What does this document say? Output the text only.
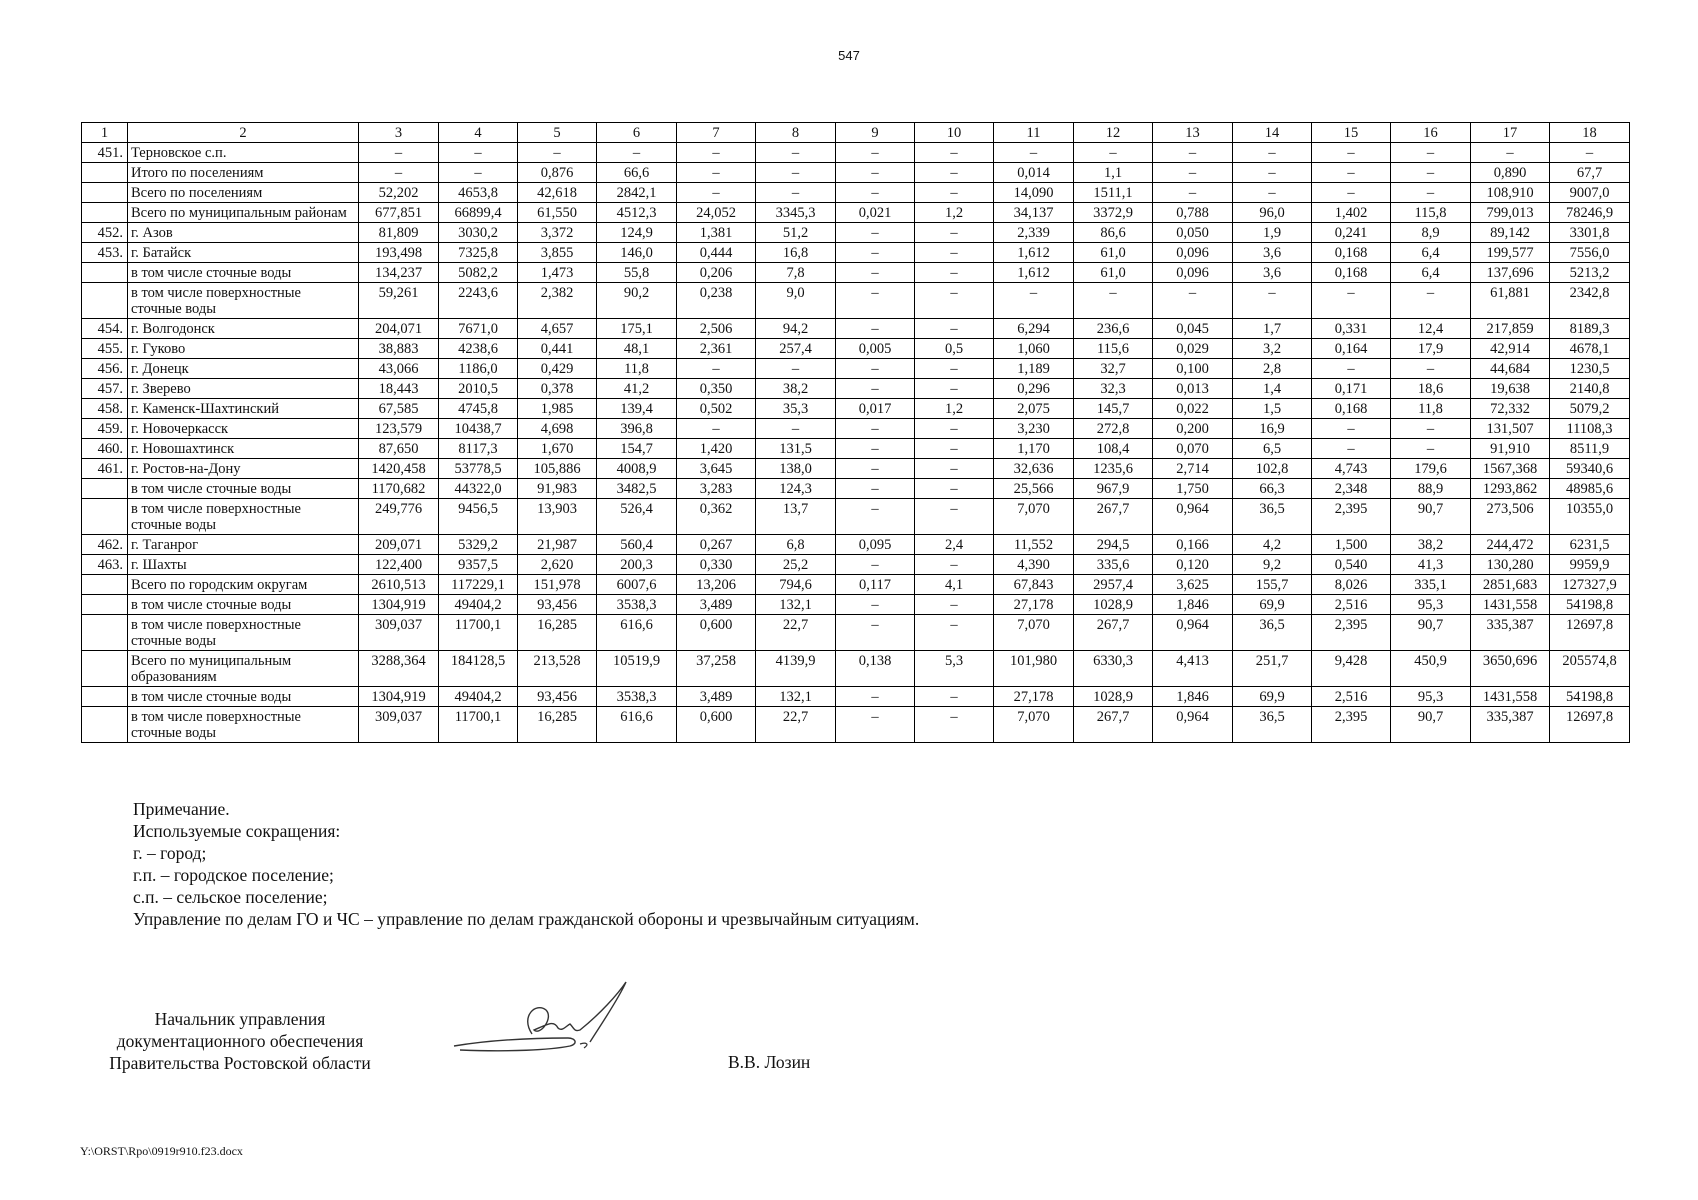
547
1	2	3	4	5	6	7	8	9	10	11	12	13	14	15	16	17	18
451.	Терновское с.п.	–	–	–	–	–	–	–	–	–	–	–	–	–	–	–	–
	Итого по поселениям	–	–	0,876	66,6	–	–	–	–	0,014	1,1	–	–	–	–	0,890	67,7
	Всего по поселениям	52,202	4653,8	42,618	2842,1	–	–	–	–	14,090	1511,1	–	–	–	–	108,910	9007,0
	Всего по муниципальным районам	677,851	66899,4	61,550	4512,3	24,052	3345,3	0,021	1,2	34,137	3372,9	0,788	96,0	1,402	115,8	799,013	78246,9
452.	г. Азов	81,809	3030,2	3,372	124,9	1,381	51,2	–	–	2,339	86,6	0,050	1,9	0,241	8,9	89,142	3301,8
453.	г. Батайск	193,498	7325,8	3,855	146,0	0,444	16,8	–	–	1,612	61,0	0,096	3,6	0,168	6,4	199,577	7556,0
	в том числе сточные воды	134,237	5082,2	1,473	55,8	0,206	7,8	–	–	1,612	61,0	0,096	3,6	0,168	6,4	137,696	5213,2
	в том числе поверхностные сточные воды	59,261	2243,6	2,382	90,2	0,238	9,0	–	–	–	–	–	–	–	–	61,881	2342,8
454.	г. Волгодонск	204,071	7671,0	4,657	175,1	2,506	94,2	–	–	6,294	236,6	0,045	1,7	0,331	12,4	217,859	8189,3
455.	г. Гуково	38,883	4238,6	0,441	48,1	2,361	257,4	0,005	0,5	1,060	115,6	0,029	3,2	0,164	17,9	42,914	4678,1
456.	г. Донецк	43,066	1186,0	0,429	11,8	–	–	–	–	1,189	32,7	0,100	2,8	–	–	44,684	1230,5
457.	г. Зверево	18,443	2010,5	0,378	41,2	0,350	38,2	–	–	0,296	32,3	0,013	1,4	0,171	18,6	19,638	2140,8
458.	г. Каменск-Шахтинский	67,585	4745,8	1,985	139,4	0,502	35,3	0,017	1,2	2,075	145,7	0,022	1,5	0,168	11,8	72,332	5079,2
459.	г. Новочеркасск	123,579	10438,7	4,698	396,8	–	–	–	–	3,230	272,8	0,200	16,9	–	–	131,507	11108,3
460.	г. Новошахтинск	87,650	8117,3	1,670	154,7	1,420	131,5	–	–	1,170	108,4	0,070	6,5	–	–	91,910	8511,9
461.	г. Ростов-на-Дону	1420,458	53778,5	105,886	4008,9	3,645	138,0	–	–	32,636	1235,6	2,714	102,8	4,743	179,6	1567,368	59340,6
	в том числе сточные воды	1170,682	44322,0	91,983	3482,5	3,283	124,3	–	–	25,566	967,9	1,750	66,3	2,348	88,9	1293,862	48985,6
	в том числе поверхностные сточные воды	249,776	9456,5	13,903	526,4	0,362	13,7	–	–	7,070	267,7	0,964	36,5	2,395	90,7	273,506	10355,0
462.	г. Таганрог	209,071	5329,2	21,987	560,4	0,267	6,8	0,095	2,4	11,552	294,5	0,166	4,2	1,500	38,2	244,472	6231,5
463.	г. Шахты	122,400	9357,5	2,620	200,3	0,330	25,2	–	–	4,390	335,6	0,120	9,2	0,540	41,3	130,280	9959,9
	Всего по городским округам	2610,513	117229,1	151,978	6007,6	13,206	794,6	0,117	4,1	67,843	2957,4	3,625	155,7	8,026	335,1	2851,683	127327,9
	в том числе сточные воды	1304,919	49404,2	93,456	3538,3	3,489	132,1	–	–	27,178	1028,9	1,846	69,9	2,516	95,3	1431,558	54198,8
	в том числе поверхностные сточные воды	309,037	11700,1	16,285	616,6	0,600	22,7	–	–	7,070	267,7	0,964	36,5	2,395	90,7	335,387	12697,8
	Всего по муниципальным образованиям	3288,364	184128,5	213,528	10519,9	37,258	4139,9	0,138	5,3	101,980	6330,3	4,413	251,7	9,428	450,9	3650,696	205574,8
	в том числе сточные воды	1304,919	49404,2	93,456	3538,3	3,489	132,1	–	–	27,178	1028,9	1,846	69,9	2,516	95,3	1431,558	54198,8
	в том числе поверхностные сточные воды	309,037	11700,1	16,285	616,6	0,600	22,7	–	–	7,070	267,7	0,964	36,5	2,395	90,7	335,387	12697,8
Примечание.
Используемые сокращения:
г. – город;
г.п. – городское поселение;
с.п. – сельское поселение;
Управление по делам ГО и ЧС – управление по делам гражданской обороны и чрезвычайным ситуациям.
Начальник управления
документационного обеспечения
Правительства Ростовской области	В.В. Лозин
Y:\ORST\Rpo\0919r910.f23.docx
